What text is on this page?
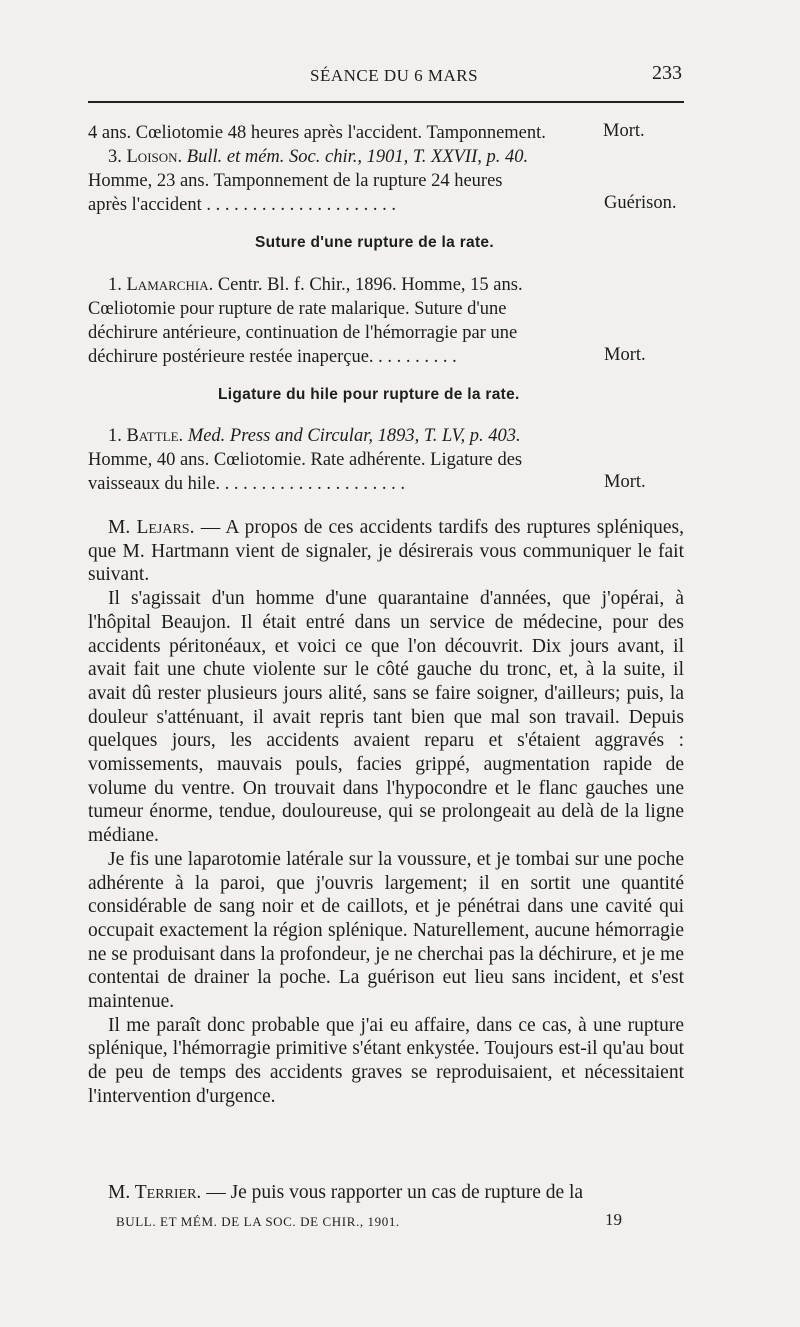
SÉANCE DU 6 MARS	233
4 ans. Cœliotomie 48 heures après l'accident. Tamponnement.	Mort.
3. Loison. Bull. et mém. Soc. chir., 1901, T. XXVII, p. 40.
Homme, 23 ans. Tamponnement de la rupture 24 heures
après l'accident . . . . . . . . . . . . . . . . . . . . .	Guérison.
Suture d'une rupture de la rate.
1. Lamarchia. Centr. Bl. f. Chir., 1896. Homme, 15 ans.
Cœliotomie pour rupture de rate malarique. Suture d'une
déchirure antérieure, continuation de l'hémorragie par une
déchirure postérieure restée inaperçue. . . . . . . . . .	Mort.
Ligature du hile pour rupture de la rate.
1. Battle. Med. Press and Circular, 1893, T. LV, p. 403.
Homme, 40 ans. Cœliotomie. Rate adhérente. Ligature des
vaisseaux du hile. . . . . . . . . . . . . . . . . . . . .	Mort.

M. Lejars. — A propos de ces accidents tardifs des ruptures spléniques, que M. Hartmann vient de signaler, je désirerais vous communiquer le fait suivant.

Il s'agissait d'un homme d'une quarantaine d'années, que j'opérai, à l'hôpital Beaujon. Il était entré dans un service de médecine, pour des accidents péritonéaux, et voici ce que l'on découvrit. Dix jours avant, il avait fait une chute violente sur le côté gauche du tronc, et, à la suite, il avait dû rester plusieurs jours alité, sans se faire soigner, d'ailleurs; puis, la douleur s'atténuant, il avait repris tant bien que mal son travail. Depuis quelques jours, les accidents avaient reparu et s'étaient aggravés : vomissements, mauvais pouls, facies grippé, augmentation rapide de volume du ventre. On trouvait dans l'hypocondre et le flanc gauches une tumeur énorme, tendue, douloureuse, qui se prolongeait au delà de la ligne médiane.

Je fis une laparotomie latérale sur la voussure, et je tombai sur une poche adhérente à la paroi, que j'ouvris largement; il en sortit une quantité considérable de sang noir et de caillots, et je pénétrai dans une cavité qui occupait exactement la région splénique. Naturellement, aucune hémorragie ne se produisant dans la profondeur, je ne cherchai pas la déchirure, et je me contentai de drainer la poche. La guérison eut lieu sans incident, et s'est maintenue.

Il me paraît donc probable que j'ai eu affaire, dans ce cas, à une rupture splénique, l'hémorragie primitive s'étant enkystée. Toujours est-il qu'au bout de peu de temps des accidents graves se reproduisaient, et nécessitaient l'intervention d'urgence.

M. Terrier. — Je puis vous rapporter un cas de rupture de la

BULL. ET MÉM. DE LA SOC. DE CHIR., 1901.	19
